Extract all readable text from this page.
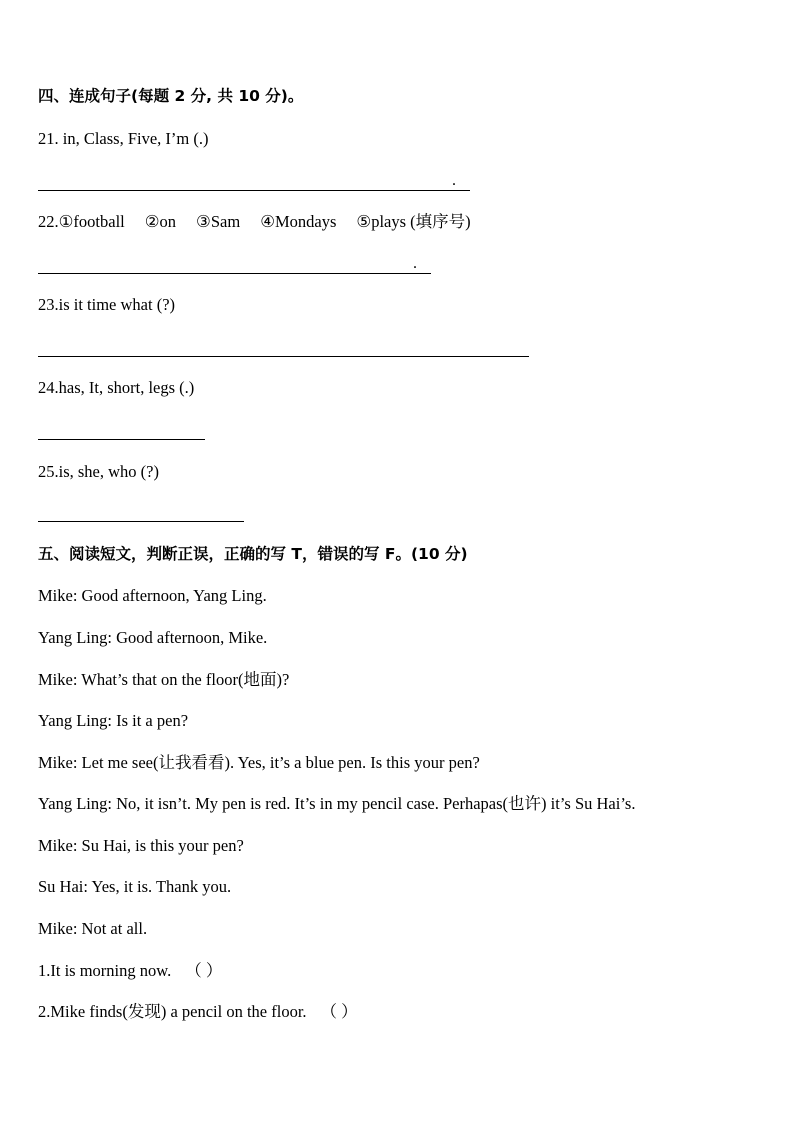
四、连成句子(每题 2 分, 共 10 分)。
21. in, Class, Five, I’m (.)
.
22.①football ②on ③Sam ④Mondays ⑤plays (填序号)
.
23.is it time what (?)
24.has, It, short, legs (.)
25.is, she, who (?)
五、阅读短文，判断正误，正确的写 T，错误的写 F。(10 分)
Mike: Good afternoon, Yang Ling.
Yang Ling: Good afternoon, Mike.
Mike: What’s that on the floor(地面)?
Yang Ling: Is it a pen?
Mike: Let me see(让我看看). Yes, it’s a blue pen. Is this your pen?
Yang Ling: No, it isn’t. My pen is red. It’s in my pencil case. Perhapas(也许) it’s Su Hai’s.
Mike: Su Hai, is this your pen?
Su Hai: Yes, it is. Thank you.
Mike: Not at all.
1.It is morning now. （ ）
2.Mike finds(发现) a pencil on the floor. （ ）
